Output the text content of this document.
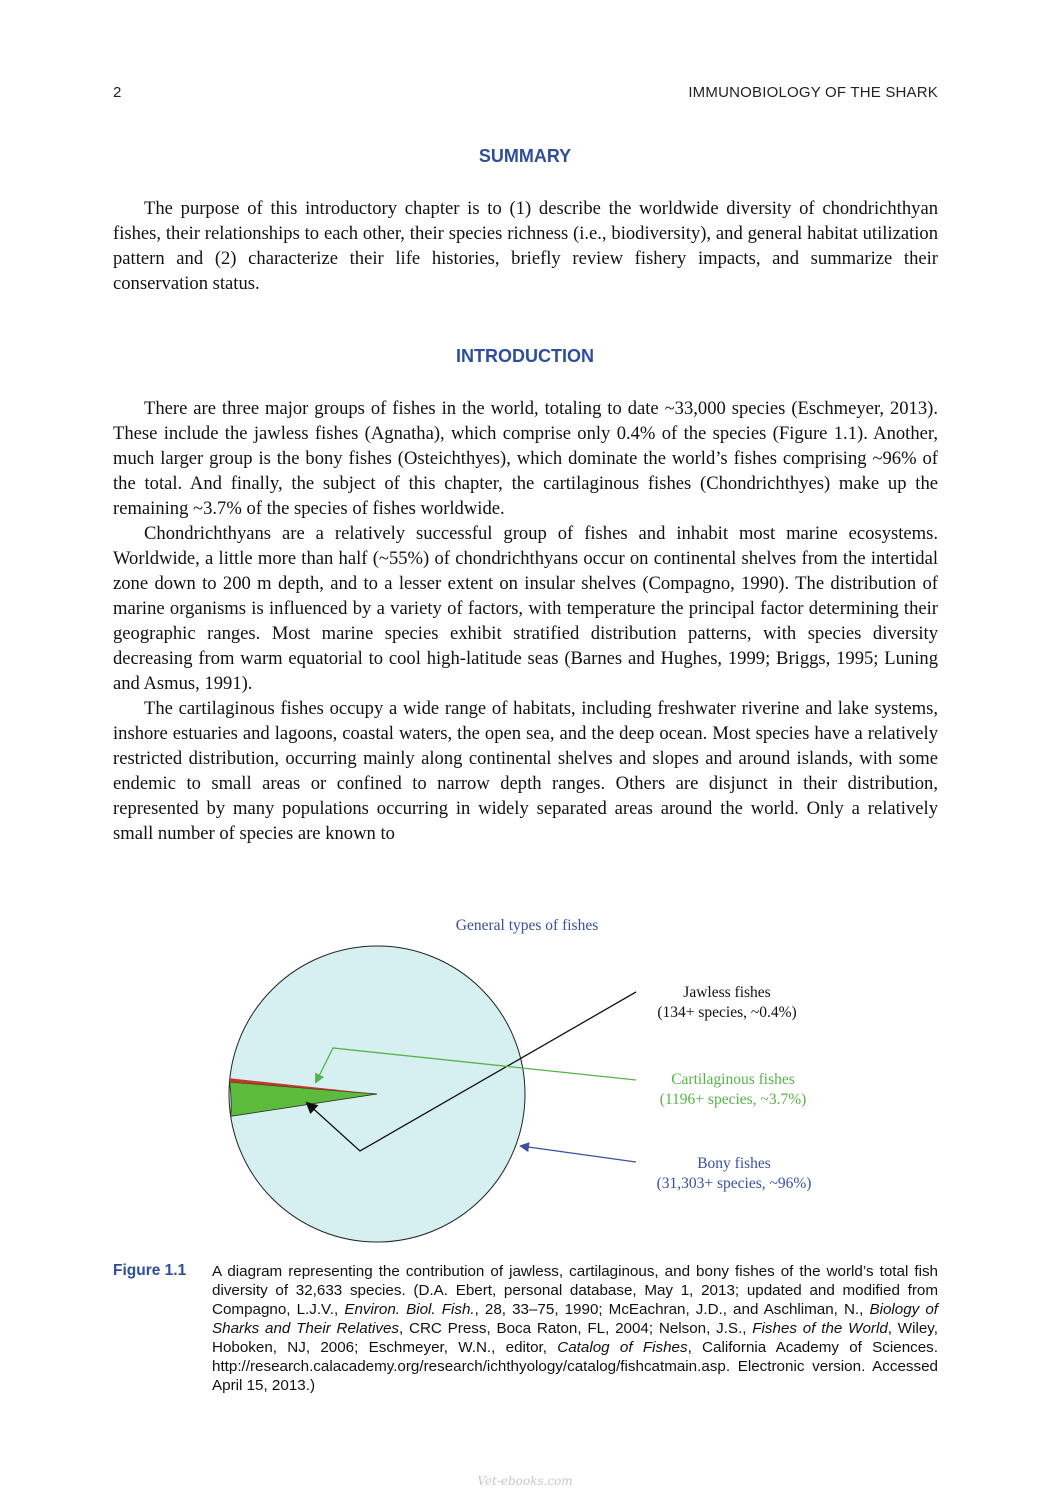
2	IMMUNOBIOLOGY OF THE SHARK
SUMMARY

The purpose of this introductory chapter is to (1) describe the worldwide diversity of chondrichthyan fishes, their relationships to each other, their species richness (i.e., biodiversity), and general habitat utilization pattern and (2) characterize their life histories, briefly review fishery impacts, and summarize their conservation status.

INTRODUCTION

There are three major groups of fishes in the world, totaling to date ~33,000 species (Eschmeyer, 2013). These include the jawless fishes (Agnatha), which comprise only 0.4% of the species (Figure 1.1). Another, much larger group is the bony fishes (Osteichthyes), which dominate the world’s fishes comprising ~96% of the total. And finally, the subject of this chapter, the cartilaginous fishes (Chondrichthyes) make up the remaining ~3.7% of the species of fishes worldwide.

Chondrichthyans are a relatively successful group of fishes and inhabit most marine ecosystems. Worldwide, a little more than half (~55%) of chondrichthyans occur on continental shelves from the intertidal zone down to 200 m depth, and to a lesser extent on insular shelves (Compagno, 1990). The distribution of marine organisms is influenced by a variety of factors, with temperature the principal factor determining their geographic ranges. Most marine species exhibit stratified distribution patterns, with species diversity decreasing from warm equatorial to cool high-latitude seas (Barnes and Hughes, 1999; Briggs, 1995; Luning and Asmus, 1991).

The cartilaginous fishes occupy a wide range of habitats, including freshwater riverine and lake systems, inshore estuaries and lagoons, coastal waters, the open sea, and the deep ocean. Most species have a relatively restricted distribution, occurring mainly along continental shelves and slopes and around islands, with some endemic to small areas or confined to narrow depth ranges. Others are disjunct in their distribution, represented by many populations occurring in widely separated areas around the world. Only a relatively small number of species are known to

General types of fishes
Jawless fishes
(134+ species, ~0.4%)
Cartilaginous fishes
(1196+ species, ~3.7%)
Bony fishes
(31,303+ species, ~96%)
Figure 1.1 A diagram representing the contribution of jawless, cartilaginous, and bony fishes of the world’s total fish diversity of 32,633 species. (D.A. Ebert, personal database, May 1, 2013; updated and modified from Compagno, L.J.V., Environ. Biol. Fish., 28, 33–75, 1990; McEachran, J.D., and Aschliman, N., Biology of Sharks and Their Relatives, CRC Press, Boca Raton, FL, 2004; Nelson, J.S., Fishes of the World, Wiley, Hoboken, NJ, 2006; Eschmeyer, W.N., editor, Catalog of Fishes, California Academy of Sciences. http://research.calacademy.org/research/ichthyology/catalog/fishcatmain.asp. Electronic version. Accessed April 15, 2013.)
Vet-ebooks.com
